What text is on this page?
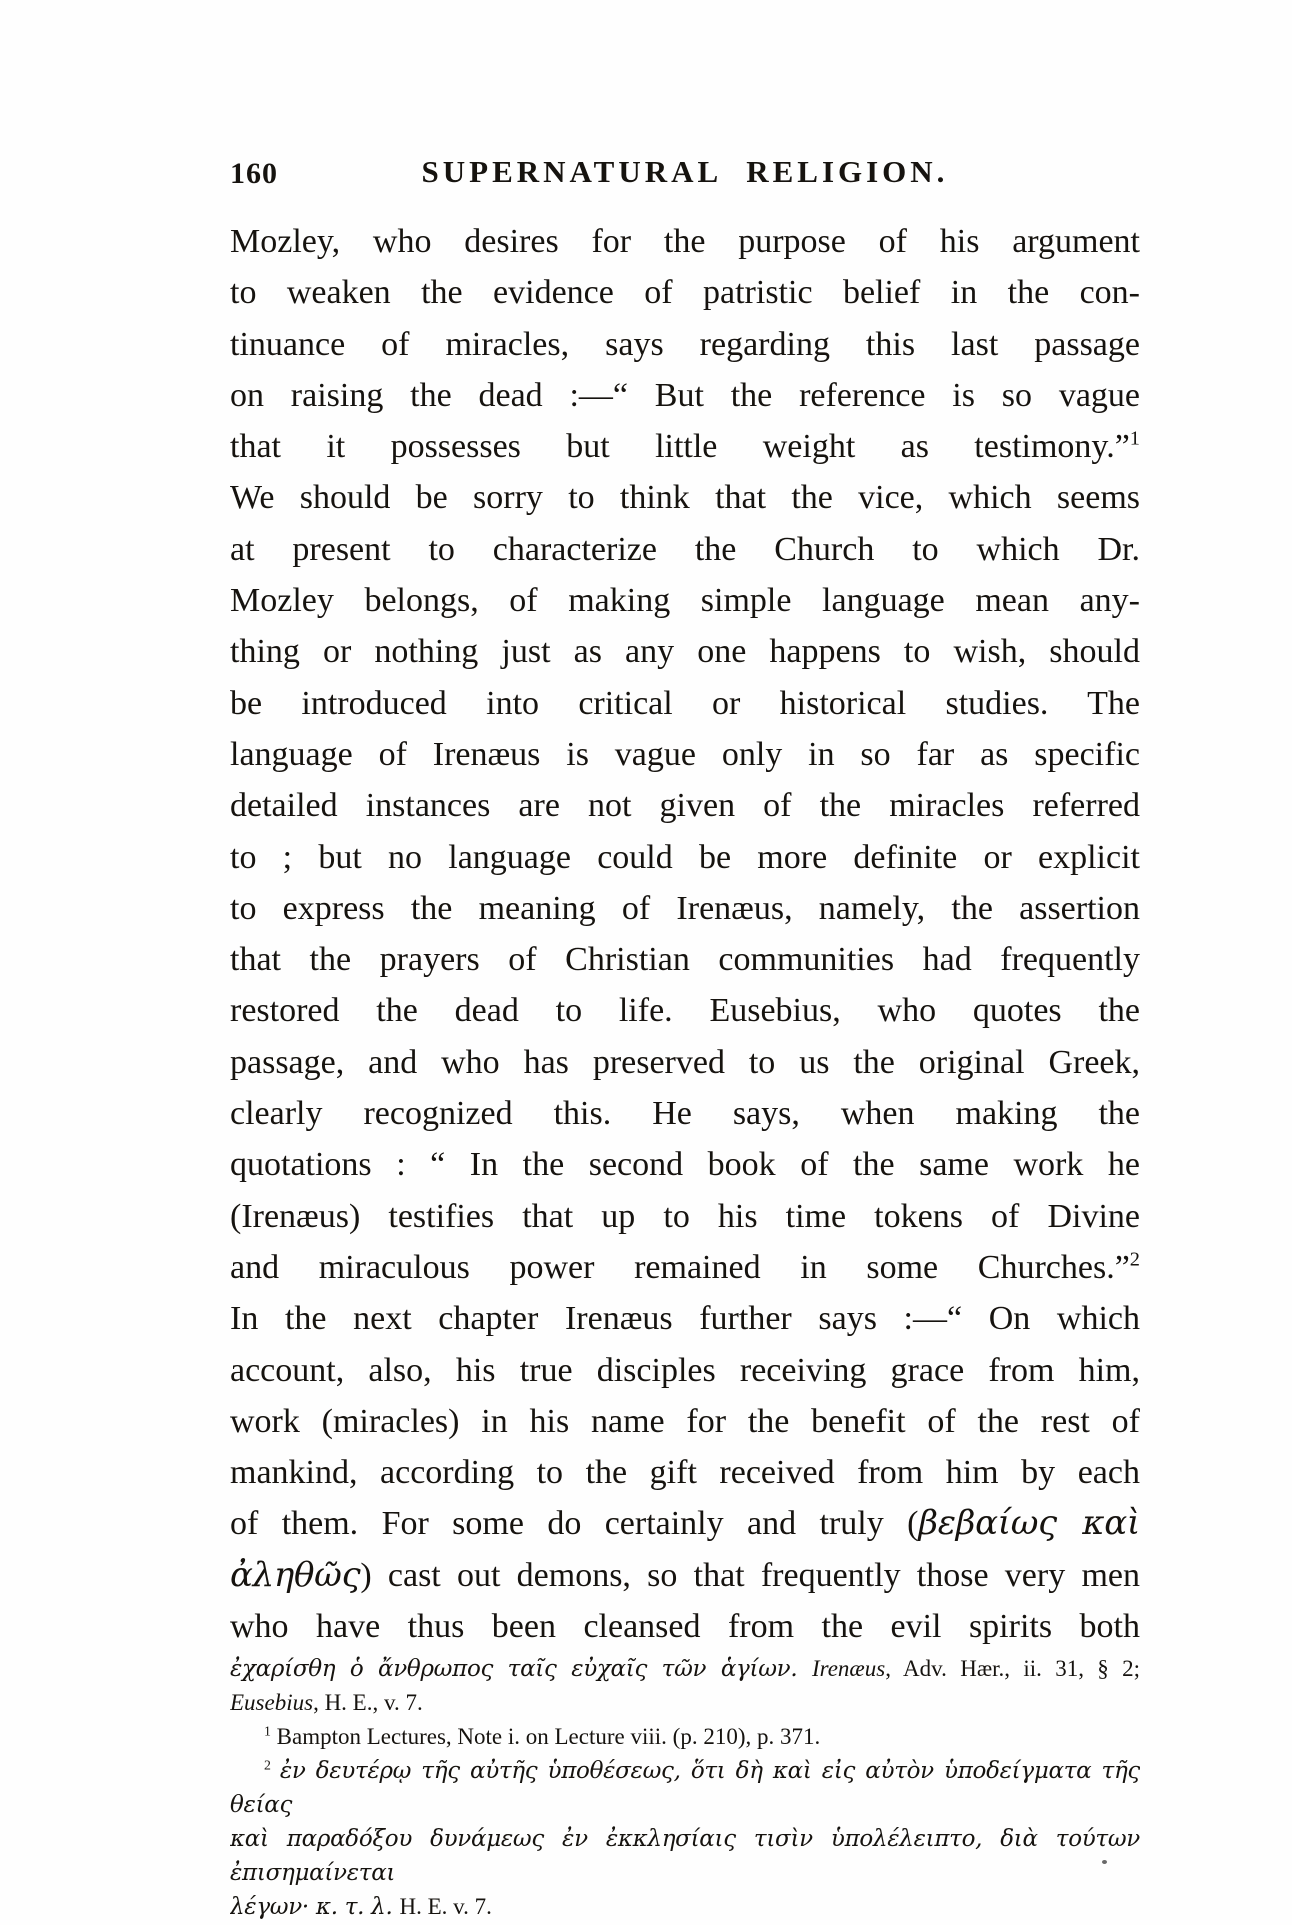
160	SUPERNATURAL RELIGION.
Mozley, who desires for the purpose of his argument
to weaken the evidence of patristic belief in the con-
tinuance of miracles, says regarding this last passage
on raising the dead :—“ But the reference is so vague
that it possesses but little weight as testimony.”$^1$
We should be sorry to think that the vice, which seems
at present to characterize the Church to which Dr.
Mozley belongs, of making simple language mean any-
thing or nothing just as any one happens to wish, should
be introduced into critical or historical studies. The
language of Irenæus is vague only in so far as specific
detailed instances are not given of the miracles referred
to ; but no language could be more definite or explicit
to express the meaning of Irenæus, namely, the assertion
that the prayers of Christian communities had frequently
restored the dead to life. Eusebius, who quotes the
passage, and who has preserved to us the original Greek,
clearly recognized this. He says, when making the
quotations : “ In the second book of the same work he
(Irenæus) testifies that up to his time tokens of Divine
and miraculous power remained in some Churches.”$^2$
In the next chapter Irenæus further says :—“ On which
account, also, his true disciples receiving grace from him,
work (miracles) in his name for the benefit of the rest of
mankind, according to the gift received from him by each
of them. For some do certainly and truly (βεβαίως καὶ
ἀληθῶς) cast out demons, so that frequently those very men
who have thus been cleansed from the evil spirits both
ἐχαρίσθη ὁ ἄνθρωπος ταῖς εὐχαῖς τῶν ἁγίων. Irenæus, Adv. Hær., ii. 31, § 2;
Eusebius, H. E., v. 7.
$^1$ Bampton Lectures, Note i. on Lecture viii. (p. 210), p. 371.
$^2$ ἐν δευτέρῳ τῆς αὐτῆς ὑποθέσεως, ὅτι δὴ καὶ εἰς αὐτὸν ὑποδείγματα τῆς θείας
καὶ παραδόξου δυνάμεως ἐν ἐκκλησίαις τισὶν ὑπολέλειπτο, διὰ τούτων ἐπισημαίνεται
λέγων· κ. τ. λ. H. E. v. 7.
